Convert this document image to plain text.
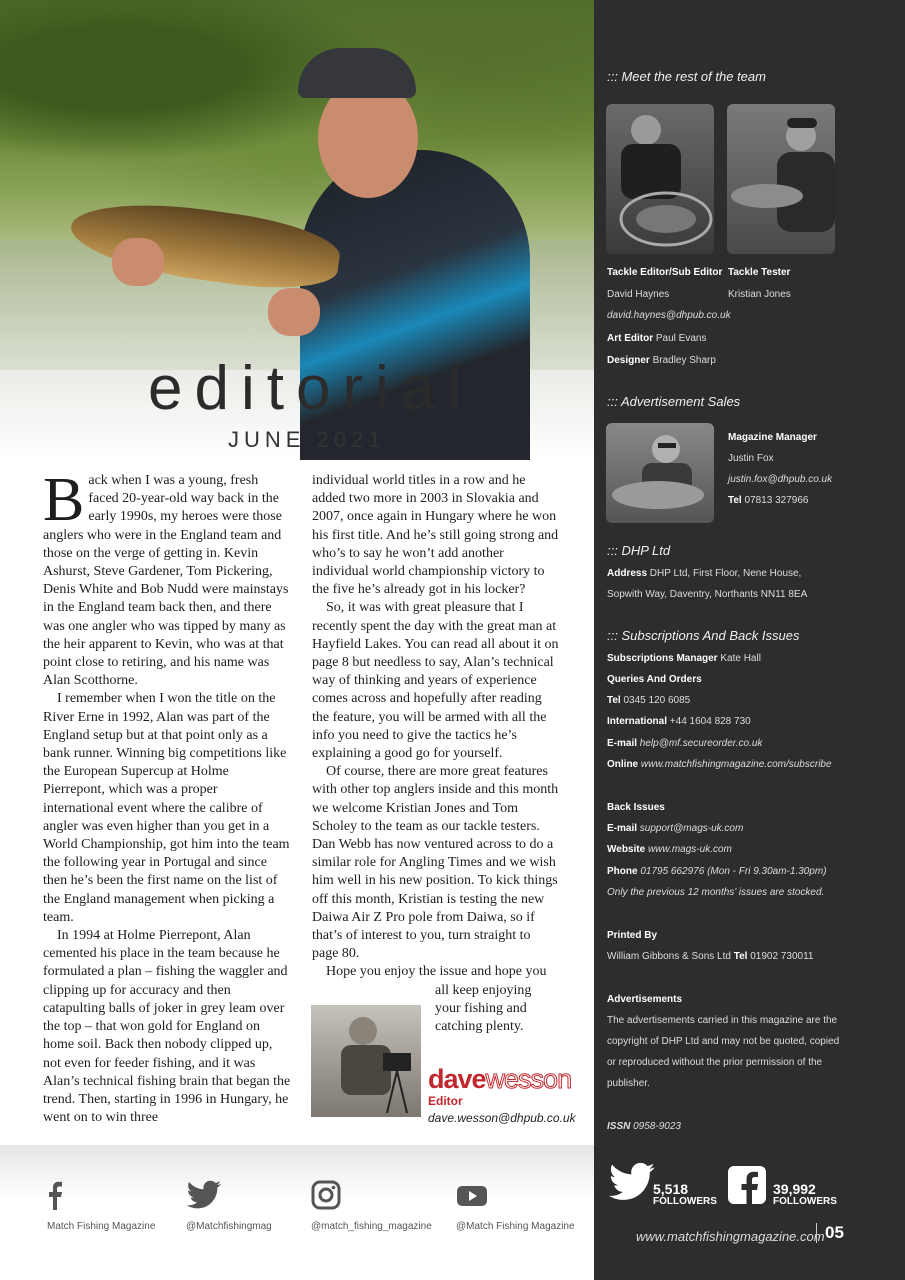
editorial
JUNE 2021

Back when I was a young, fresh faced 20-year-old way back in the early 1990s, my heroes were those anglers who were in the England team and those on the verge of getting in. Kevin Ashurst, Steve Gardener, Tom Pickering, Denis White and Bob Nudd were mainstays in the England team back then, and there was one angler who was tipped by many as the heir apparent to Kevin, who was at that point close to retiring, and his name was Alan Scotthorne.

I remember when I won the title on the River Erne in 1992, Alan was part of the England setup but at that point only as a bank runner. Winning big competitions like the European Supercup at Holme Pierrepont, which was a proper international event where the calibre of angler was even higher than you get in a World Championship, got him into the team the following year in Portugal and since then he’s been the first name on the list of the England management when picking a team.

In 1994 at Holme Pierrepont, Alan cemented his place in the team because he formulated a plan – fishing the waggler and clipping up for accuracy and then catapulting balls of joker in grey leam over the top – that won gold for England on home soil. Back then nobody clipped up, not even for feeder fishing, and it was Alan’s technical fishing brain that began the trend. Then, starting in 1996 in Hungary, he went on to win three

individual world titles in a row and he added two more in 2003 in Slovakia and 2007, once again in Hungary where he won his first title. And he’s still going strong and who’s to say he won’t add another individual world championship victory to the five he’s already got in his locker?

So, it was with great pleasure that I recently spent the day with the great man at Hayfield Lakes. You can read all about it on page 8 but needless to say, Alan’s technical way of thinking and years of experience comes across and hopefully after reading the feature, you will be armed with all the info you need to give the tactics he’s explaining a good go for yourself.

Of course, there are more great features with other top anglers inside and this month we welcome Kristian Jones and Tom Scholey to the team as our tackle testers. Dan Webb has now ventured across to do a similar role for Angling Times and we wish him well in his new position. To kick things off this month, Kristian is testing the new Daiwa Air Z Pro pole from Daiwa, so if that’s of interest to you, turn straight to page 80.

Hope you enjoy the issue and hope you

all keep enjoying
your fishing and
catching plenty.
davewesson
Editor
dave.wesson@dhpub.co.uk
Match Fishing Magazine	@Matchfishingmag	@match_fishing_magazine @Match Fishing Magazine
::: Meet the rest of the team
Tackle Editor/Sub Editor Tackle Tester
David Haynes	Kristian Jones
david.haynes@dhpub.co.uk
Art Editor Paul Evans
Designer Bradley Sharp
::: Advertisement Sales
Magazine Manager
Justin Fox
justin.fox@dhpub.co.uk
Tel 07813 327966
::: DHP Ltd
Address DHP Ltd, First Floor, Nene House,
Sopwith Way, Daventry, Northants NN11 8EA
::: Subscriptions And Back Issues
Subscriptions Manager Kate Hall
Queries And Orders
Tel 0345 120 6085
International +44 1604 828 730
E-mail help@mf.secureorder.co.uk
Online www.matchfishingmagazine.com/subscribe
Back Issues
E-mail support@mags-uk.com
Website www.mags-uk.com
Phone 01795 662976 (Mon - Fri 9.30am-1.30pm)
Only the previous 12 months’ issues are stocked.
Printed By
William Gibbons & Sons Ltd Tel 01902 730011
Advertisements
The advertisements carried in this magazine are the
copyright of DHP Ltd and may not be quoted, copied
or reproduced without the prior permission of the
publisher.
ISSN 0958-9023
5,518
FOLLOWERS
39,992
FOLLOWERS
www.matchfishingmagazine.com 05
